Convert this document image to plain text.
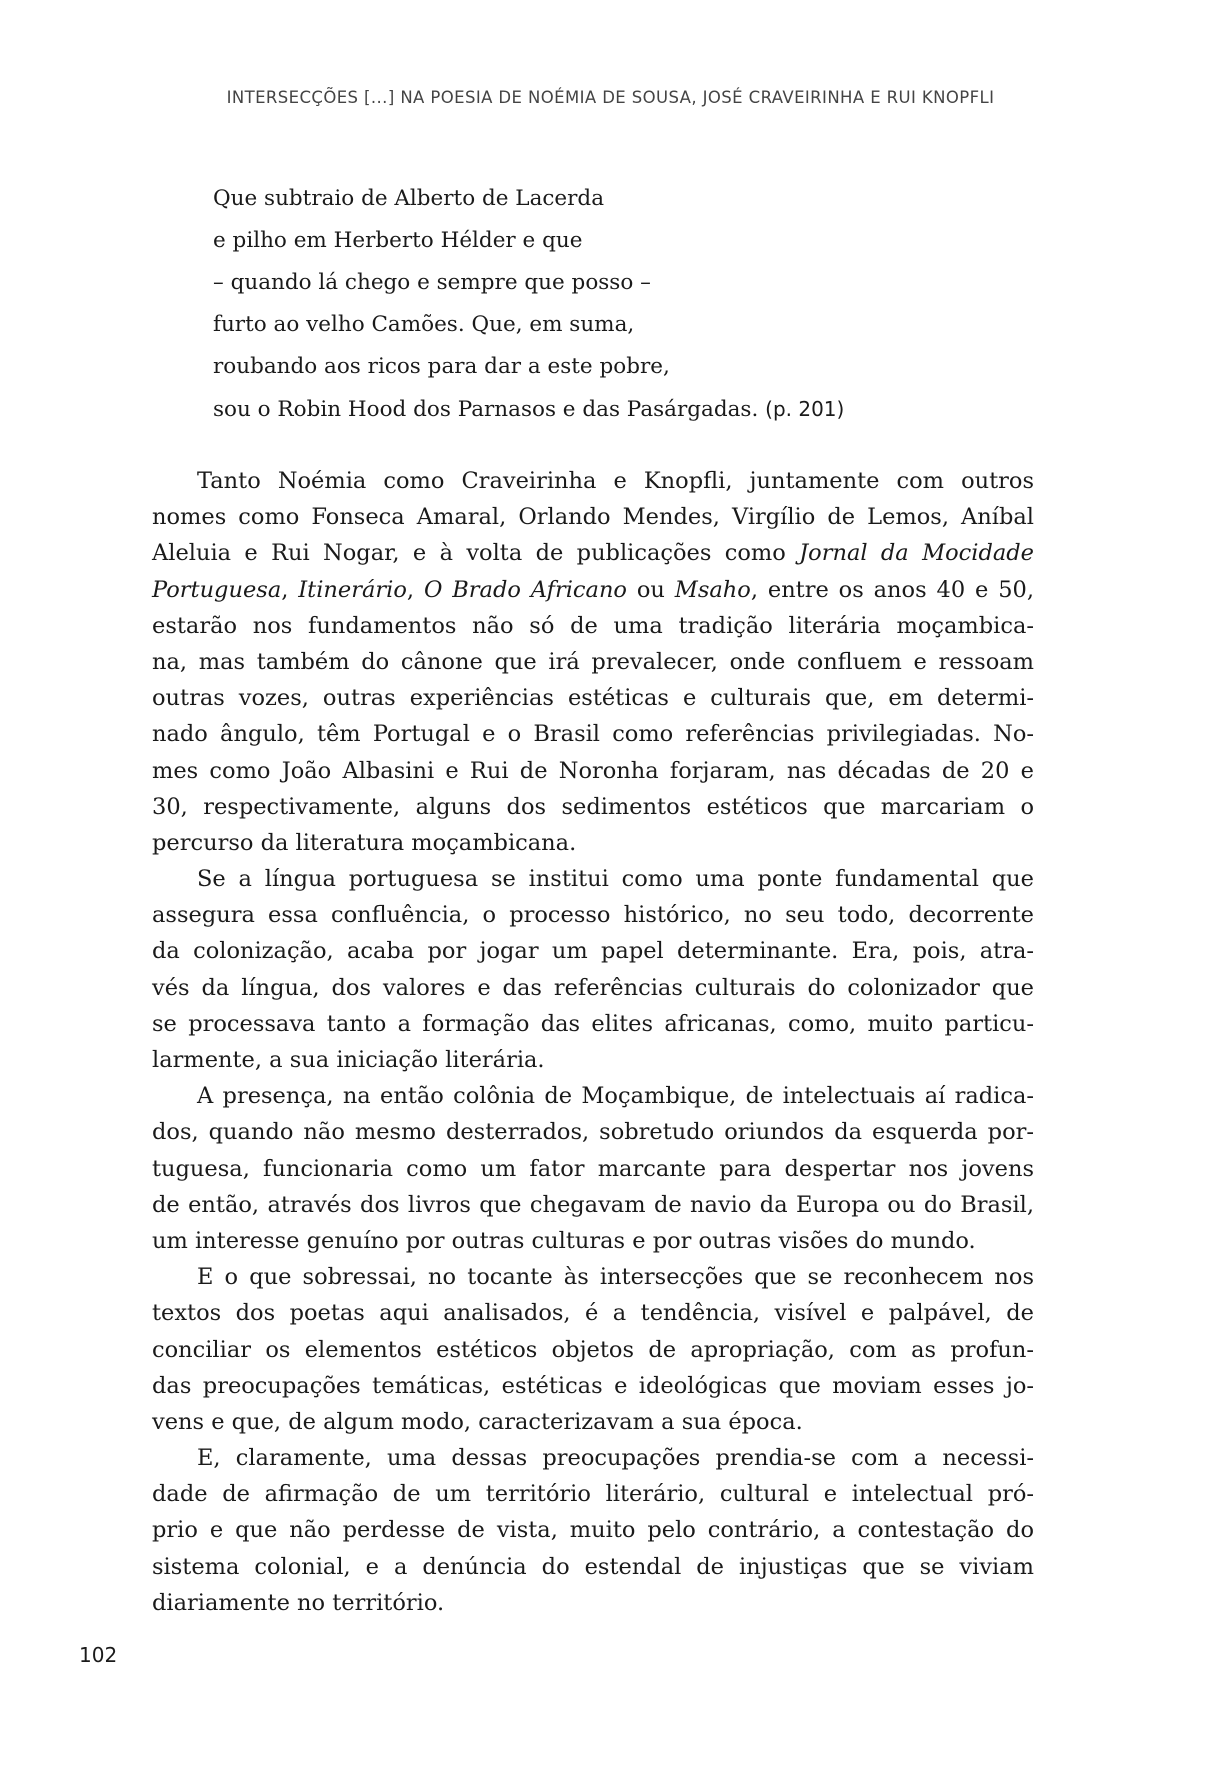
INTERSECÇÕES [...] NA POESIA DE NOÉMIA DE SOUSA, JOSÉ CRAVEIRINHA E RUI KNOPFLI
Que subtraio de Alberto de Lacerda
e pilho em Herberto Hélder e que
– quando lá chego e sempre que posso –
furto ao velho Camões. Que, em suma,
roubando aos ricos para dar a este pobre,
sou o Robin Hood dos Parnasos e das Pasárgadas. (p. 201)
Tanto Noémia como Craveirinha e Knopfli, juntamente com outros
nomes como Fonseca Amaral, Orlando Mendes, Virgílio de Lemos, Aníbal
Aleluia e Rui Nogar, e à volta de publicações como Jornal da Mocidade
Portuguesa, Itinerário, O Brado Africano ou Msaho, entre os anos 40 e 50,
estarão nos fundamentos não só de uma tradição literária moçambica-
na, mas também do cânone que irá prevalecer, onde confluem e ressoam
outras vozes, outras experiências estéticas e culturais que, em determi-
nado ângulo, têm Portugal e o Brasil como referências privilegiadas. No-
mes como João Albasini e Rui de Noronha forjaram, nas décadas de 20 e
30, respectivamente, alguns dos sedimentos estéticos que marcariam o
percurso da literatura moçambicana.
Se a língua portuguesa se institui como uma ponte fundamental que
assegura essa confluência, o processo histórico, no seu todo, decorrente
da colonização, acaba por jogar um papel determinante. Era, pois, atra-
vés da língua, dos valores e das referências culturais do colonizador que
se processava tanto a formação das elites africanas, como, muito particu-
larmente, a sua iniciação literária.
A presença, na então colônia de Moçambique, de intelectuais aí radica-
dos, quando não mesmo desterrados, sobretudo oriundos da esquerda por-
tuguesa, funcionaria como um fator marcante para despertar nos jovens
de então, através dos livros que chegavam de navio da Europa ou do Brasil,
um interesse genuíno por outras culturas e por outras visões do mundo.
E o que sobressai, no tocante às intersecções que se reconhecem nos
textos dos poetas aqui analisados, é a tendência, visível e palpável, de
conciliar os elementos estéticos objetos de apropriação, com as profun-
das preocupações temáticas, estéticas e ideológicas que moviam esses jo-
vens e que, de algum modo, caracterizavam a sua época.
E, claramente, uma dessas preocupações prendia-se com a necessi-
dade de afirmação de um território literário, cultural e intelectual pró-
prio e que não perdesse de vista, muito pelo contrário, a contestação do
sistema colonial, e a denúncia do estendal de injustiças que se viviam
diariamente no território.
102
